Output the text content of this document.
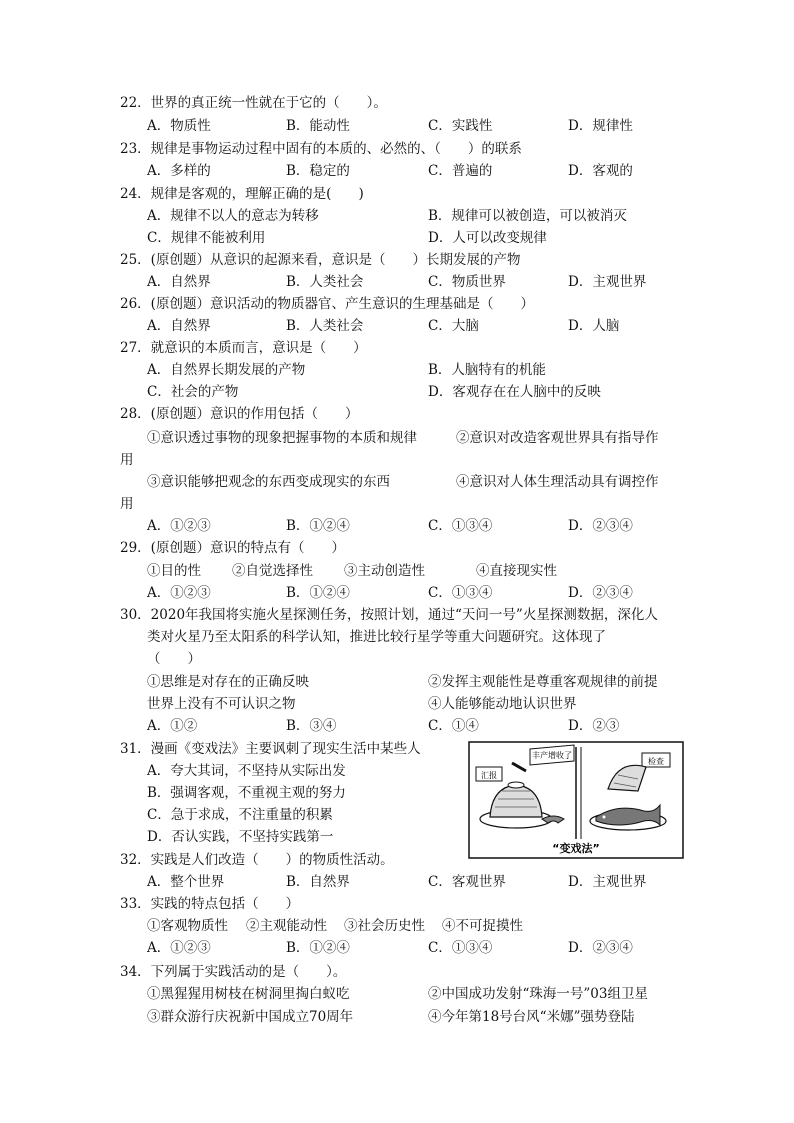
22．世界的真正统一性就在于它的（　　）。
A．物质性	B．能动性	C．实践性	D．规律性
23．规律是事物运动过程中固有的本质的、必然的、（　　）的联系
A．多样的	B．稳定的	C．普遍的	D．客观的
24．规律是客观的，理解正确的是(　　)
A．规律不以人的意志为转移	B．规律可以被创造，可以被消灭
C．规律不能被利用	D．人可以改变规律
25．(原创题）从意识的起源来看，意识是（　　）长期发展的产物
A．自然界	B．人类社会	C．物质世界	D．主观世界
26．(原创题）意识活动的物质器官、产生意识的生理基础是（　　）
A．自然界	B．人类社会	C．大脑	D．人脑
27．就意识的本质而言，意识是（　　）
A．自然界长期发展的产物	B．人脑特有的机能
C．社会的产物	D．客观存在在人脑中的反映
28．(原创题）意识的作用包括（　　）
①意识透过事物的现象把握事物的本质和规律	②意识对改造客观世界具有指导作
用
③意识能够把观念的东西变成现实的东西	④意识对人体生理活动具有调控作
用
A．①②③	B．①②④	C．①③④	D．②③④
29．(原创题）意识的特点有（　　）
①目的性 ②自觉选择性 ③主动创造性	④直接现实性
A．①②③	B．①②④	C．①③④	D．②③④
30．2020年我国将实施火星探测任务，按照计划，通过“天问一号”火星探测数据，深化人
类对火星乃至太阳系的科学认知，推进比较行星学等重大问题研究。这体现了
（　　）
①思维是对存在的正确反映	②发挥主观能性是尊重客观规律的前提
世界上没有不可认识之物	④人能够能动地认识世界
A．①②	B．③④	C．①④	D．②③
31．漫画《变戏法》主要讽刺了现实生活中某些人
A．夸大其词，不坚持从实际出发
B．强调客观，不重视主观的努力
C．急于求成，不注重量的积累
D．否认实践，不坚持实践第一
丰产增收了
汇报
检查
“变戏法”
32．实践是人们改造（　　）的物质性活动。
A．整个世界	B．自然界	C．客观世界	D．主观世界
33．实践的特点包括（　　）
①客观物质性 ②主观能动性 ③社会历史性 ④不可捉摸性
A．①②③	B．①②④	C．①③④	D．②③④
34．下列属于实践活动的是（　　）。
①黑猩猩用树枝在树洞里掏白蚁吃	②中国成功发射“珠海一号”03组卫星
③群众游行庆祝新中国成立70周年	④今年第18号台风“米娜”强势登陆
